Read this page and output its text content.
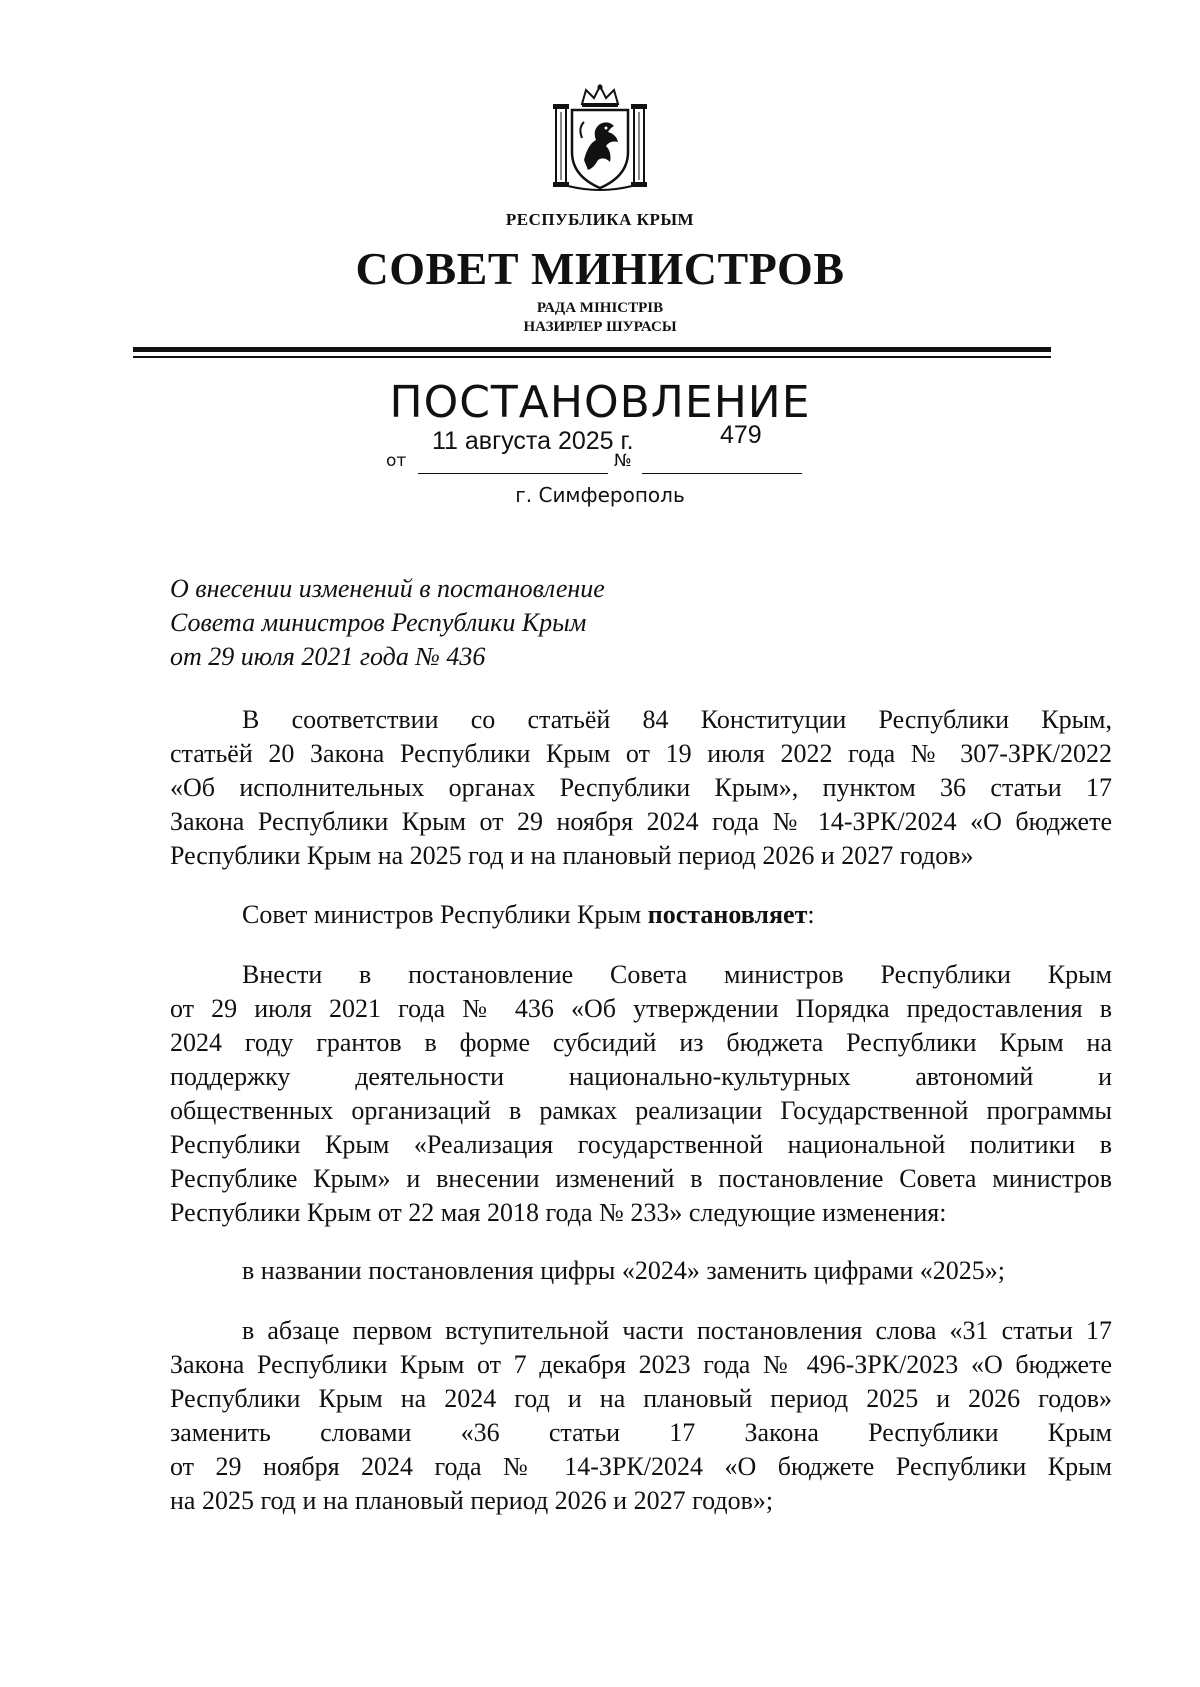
РЕСПУБЛИКА КРЫМ
СОВЕТ МИНИСТРОВ
РАДА МІНІСТРІВ
НАЗИРЛЕР ШУРАСЫ
ПОСТАНОВЛЕНИЕ
11 августа 2025 г.	479
от	№
г. Симферополь
О внесении изменений в постановление
Совета министров Республики Крым
от 29 июля 2021 года № 436
В соответствии со статьёй 84 Конституции Республики Крым,
статьёй 20 Закона Республики Крым от 19 июля 2022 года № 307-ЗРК/2022
«Об исполнительных органах Республики Крым», пунктом 36 статьи 17
Закона Республики Крым от 29 ноября 2024 года № 14-ЗРК/2024 «О бюджете
Республики Крым на 2025 год и на плановый период 2026 и 2027 годов»
Совет министров Республики Крым постановляет:
Внести в постановление Совета министров Республики Крым
от 29 июля 2021 года № 436 «Об утверждении Порядка предоставления в
2024 году грантов в форме субсидий из бюджета Республики Крым на
поддержку деятельности национально-культурных автономий и
общественных организаций в рамках реализации Государственной программы
Республики Крым «Реализация государственной национальной политики в
Республике Крым» и внесении изменений в постановление Совета министров
Республики Крым от 22 мая 2018 года № 233» следующие изменения:
в названии постановления цифры «2024» заменить цифрами «2025»;
в абзаце первом вступительной части постановления слова «31 статьи 17
Закона Республики Крым от 7 декабря 2023 года № 496-ЗРК/2023 «О бюджете
Республики Крым на 2024 год и на плановый период 2025 и 2026 годов»
заменить словами «36 статьи 17 Закона Республики Крым
от 29 ноября 2024 года № 14-ЗРК/2024 «О бюджете Республики Крым
на 2025 год и на плановый период 2026 и 2027 годов»;
